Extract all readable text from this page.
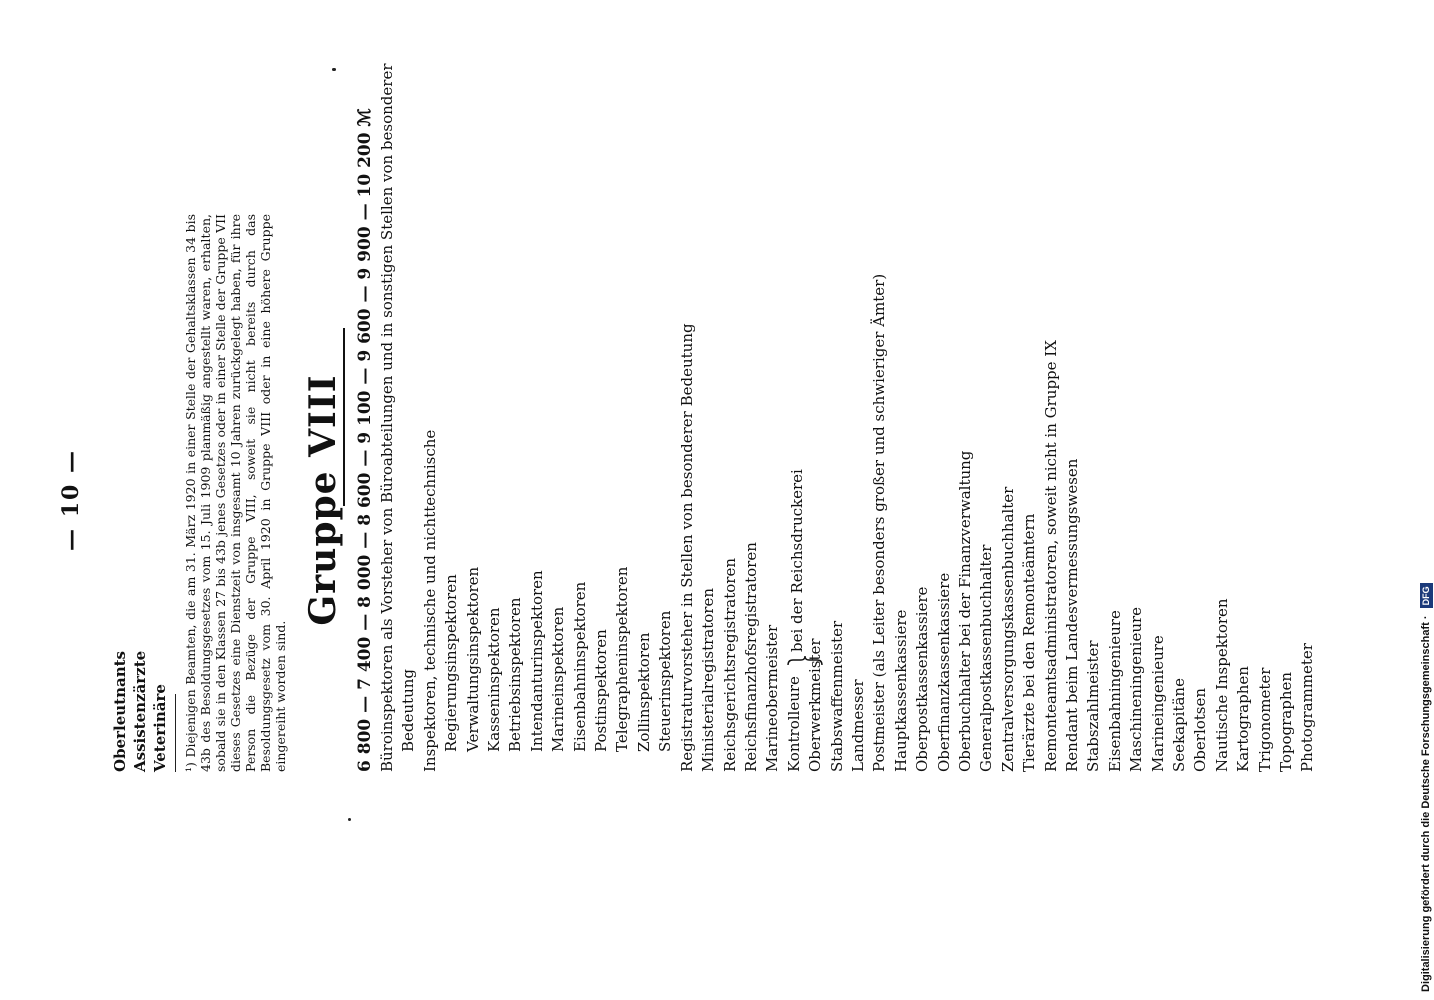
— 10 —
Oberleutnants Assistenzärzte Veterinäre ¹) Diejenigen Beamten, die am 31. März 1920 in einer Stelle der Gehaltsklassen 34 bis 43b des Besoldungsgesetzes vom 15. Juli 1909 planmäßig angestellt waren, erhalten, sobald sie in den Klassen 27 bis 43b jenes Gesetzes oder in einer Stelle der Gruppe VII dieses Gesetzes eine Dienstzeit von insgesamt 10 Jahren zurückgelegt haben, für ihre Person die Bezüge der Gruppe VIII, soweit sie nicht bereits durch das Besoldungsgesetz vom 30. April 1920 in Gruppe VIII oder in eine höhere Gruppe eingereiht worden sind.
Gruppe VIII 6 800 — 7 400 — 8 000 — 8 600 — 9 100 — 9 600 — 9 900 — 10 200 ℳ Büroinspektoren als Vorsteher von Büroabteilungen und in sonstigen Stellen von besonderer Bedeutung Inspektoren, technische und nichttechnische Regierungsinspektoren Verwaltungsinspektoren Kasseninspektoren Betriebsinspektoren Intendanturinspektoren Marineinspektoren Eisenbahninspektoren Postinspektoren Telegrapheninspektoren Zollinspektoren Steuerinspektoren Registraturvorsteher in Stellen von besonderer Bedeutung Ministerialregistratoren Reichsgerichtsregistratoren Reichsfinanzhofsregistratoren Marineobermeister Kontrolleure Oberwerkmeister
bei der Reichsdruckerei
Stabswaffenmeister Landmesser Postmeister (als Leiter besonders großer und schwieriger Ämter) Hauptkassenkassiere Oberpostkassenkassiere Oberfinanzkassenkassiere Oberbuchhalter bei der Finanzverwaltung Generalpostkassenbuchhalter Zentralversorgungskassenbuchhalter Tierärzte bei den Remonteämtern Remonteamtsadministratoren, soweit nicht in Gruppe IX Rendant beim Landesvermessungswesen Stabszahlmeister Eisenbahningenieure Maschineningenieure Marineingenieure Seekapitäne Oberlotsen Nautische Inspektoren Kartographen Trigonometer Topographen Photogrammeter	Digitalisierung gefördert durch die Deutsche Forschungsgemeinschaft · DFG
